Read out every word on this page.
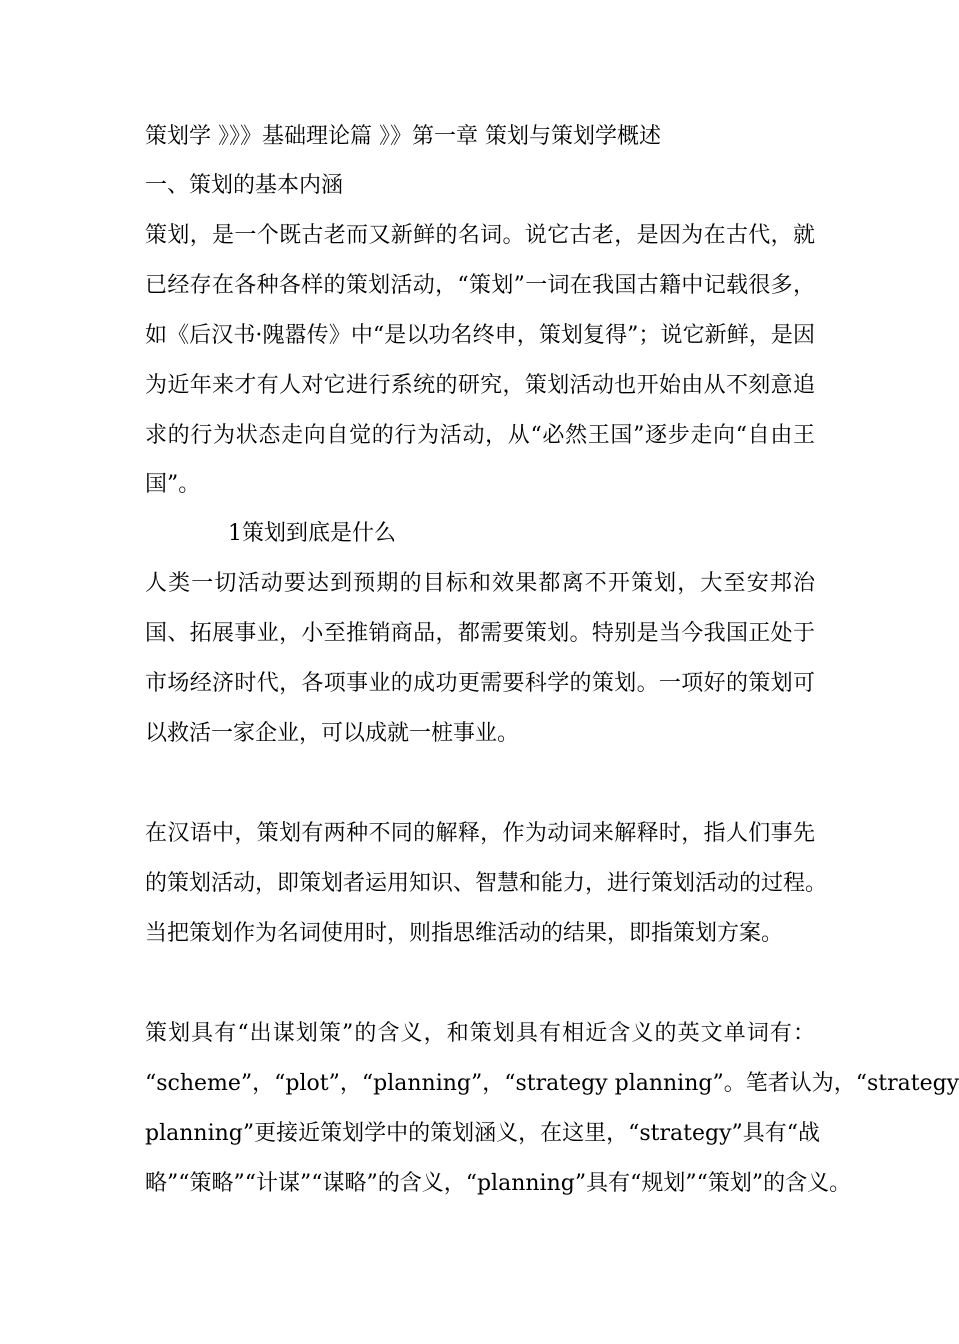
策划学 》》》基础理论篇 》》第一章 策划与策划学概述
一、策划的基本内涵
策划，是一个既古老而又新鲜的名词。说它古老，是因为在古代，就
已经存在各种各样的策划活动，“策划”一词在我国古籍中记载很多，
如《后汉书·隗嚣传》中“是以功名终申，策划复得”；说它新鲜，是因
为近年来才有人对它进行系统的研究，策划活动也开始由从不刻意追
求的行为状态走向自觉的行为活动，从“必然王国”逐步走向“自由王
国”。
1策划到底是什么
人类一切活动要达到预期的目标和效果都离不开策划，大至安邦治
国、拓展事业，小至推销商品，都需要策划。特别是当今我国正处于
市场经济时代，各项事业的成功更需要科学的策划。一项好的策划可
以救活一家企业，可以成就一桩事业。
在汉语中，策划有两种不同的解释，作为动词来解释时，指人们事先
的策划活动，即策划者运用知识、智慧和能力，进行策划活动的过程。
当把策划作为名词使用时，则指思维活动的结果，即指策划方案。
策划具有“出谋划策”的含义，和策划具有相近含义的英文单词有：
“scheme”，“plot”，“planning”，“strategy planning”。笔者认为，“strategy
planning”更接近策划学中的策划涵义，在这里，“strategy”具有“战
略”“策略”“计谋”“谋略”的含义，“planning”具有“规划”“策划”的含义。
